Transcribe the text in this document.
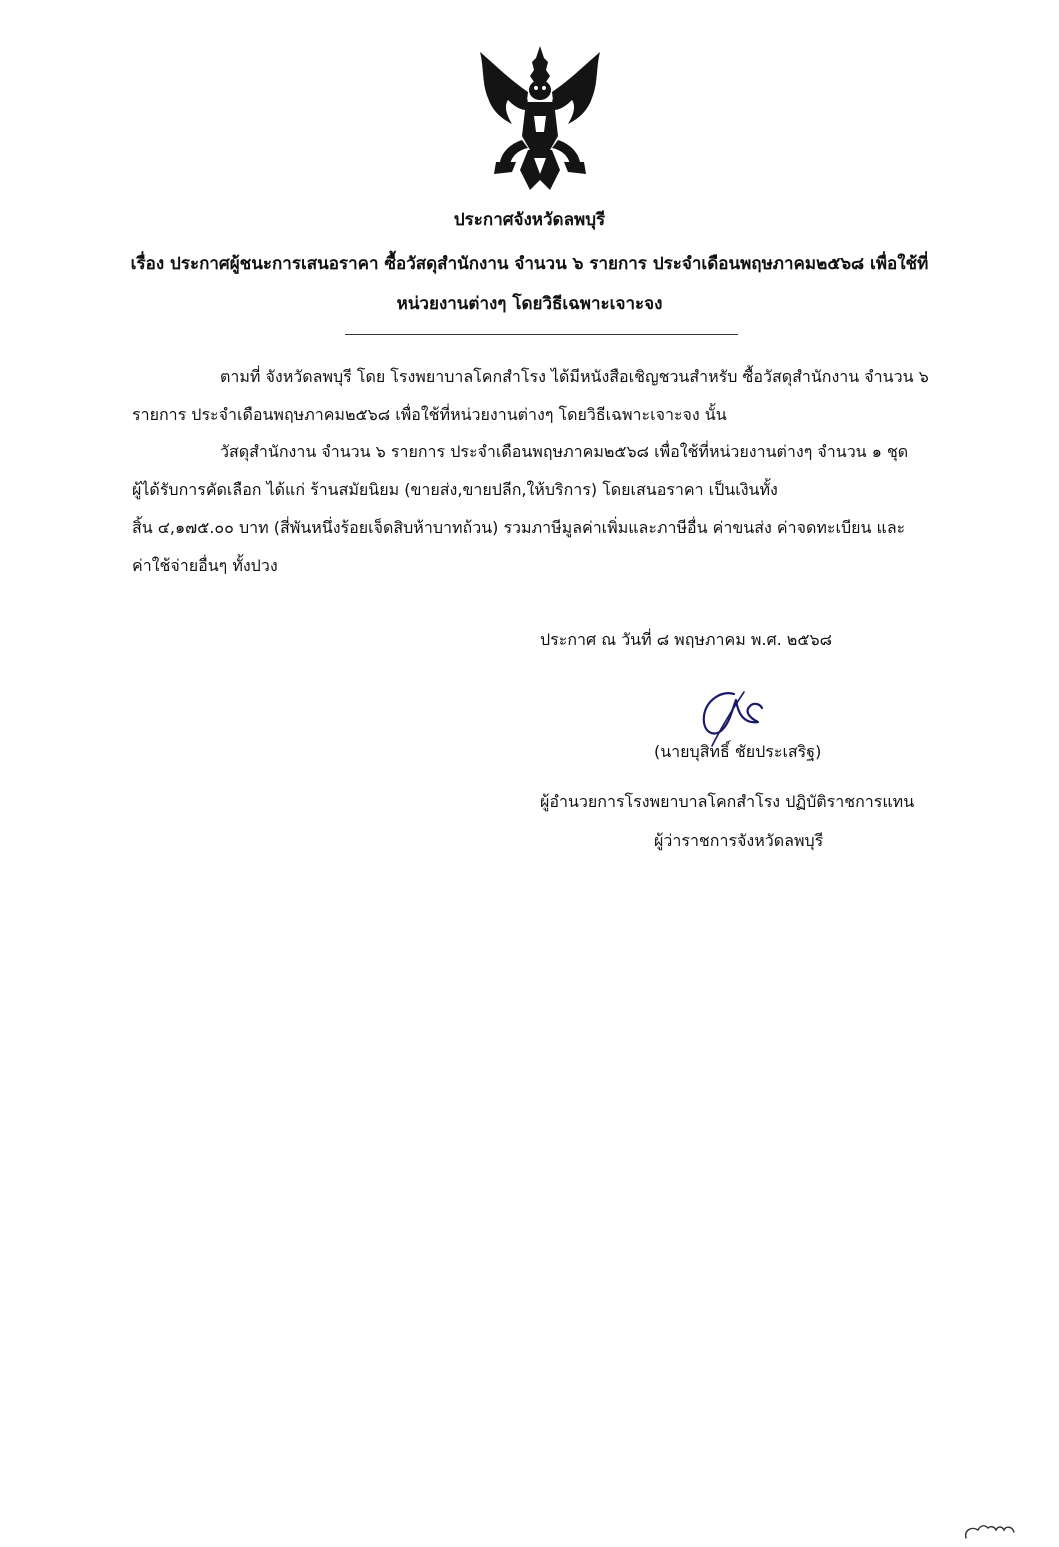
ประกาศจังหวัดลพบุรี
เรื่อง ประกาศผู้ชนะการเสนอราคา ซื้อวัสดุสำนักงาน จำนวน ๖ รายการ ประจำเดือนพฤษภาคม๒๕๖๘ เพื่อใช้ที่
หน่วยงานต่างๆ โดยวิธีเฉพาะเจาะจง
ตามที่ จังหวัดลพบุรี โดย โรงพยาบาลโคกสำโรง ได้มีหนังสือเชิญชวนสำหรับ ซื้อวัสดุสำนักงาน จำนวน ๖
รายการ ประจำเดือนพฤษภาคม๒๕๖๘ เพื่อใช้ที่หน่วยงานต่างๆ โดยวิธีเฉพาะเจาะจง นั้น
วัสดุสำนักงาน จำนวน ๖ รายการ ประจำเดือนพฤษภาคม๒๕๖๘ เพื่อใช้ที่หน่วยงานต่างๆ จำนวน ๑ ชุด
ผู้ได้รับการคัดเลือก ได้แก่ ร้านสมัยนิยม (ขายส่ง,ขายปลีก,ให้บริการ) โดยเสนอราคา เป็นเงินทั้ง
สิ้น ๔,๑๗๕.๐๐ บาท (สี่พันหนึ่งร้อยเจ็ดสิบห้าบาทถ้วน) รวมภาษีมูลค่าเพิ่มและภาษีอื่น ค่าขนส่ง ค่าจดทะเบียน และ
ค่าใช้จ่ายอื่นๆ ทั้งปวง
ประกาศ ณ วันที่ ๘ พฤษภาคม พ.ศ. ๒๕๖๘
(นายบุสิทธิ์ ชัยประเสริฐ)
ผู้อำนวยการโรงพยาบาลโคกสำโรง ปฏิบัติราชการแทน
ผู้ว่าราชการจังหวัดลพบุรี
